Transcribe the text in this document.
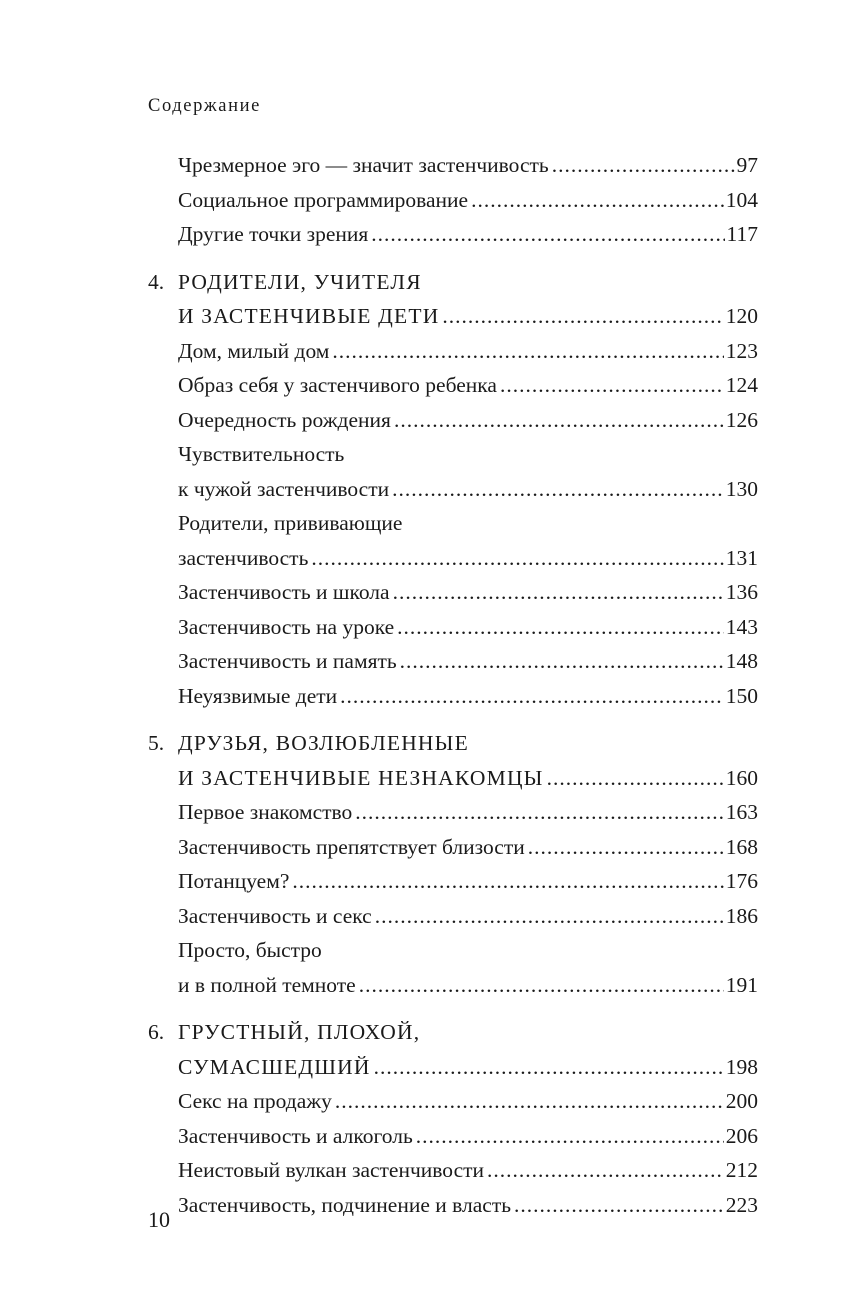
Содержание
Чрезмерное эго — значит застенчивость .....	97
Социальное программирование .....	104
Другие точки зрения .....	117
4. РОДИТЕЛИ, УЧИТЕЛЯ
И ЗАСТЕНЧИВЫЕ ДЕТИ .....	120
Дом, милый дом .....	123
Образ себя у застенчивого ребенка .....	124
Очередность рождения .....	126
Чувствительность
к чужой застенчивости .....	130
Родители, прививающие
застенчивость .....	131
Застенчивость и школа .....	136
Застенчивость на уроке .....	143
Застенчивость и память .....	148
Неуязвимые дети .....	150
5. ДРУЗЬЯ, ВОЗЛЮБЛЕННЫЕ
И ЗАСТЕНЧИВЫЕ НЕЗНАКОМЦЫ .....	160
Первое знакомство .....	163
Застенчивость препятствует близости .....	168
Потанцуем? .....	176
Застенчивость и секс .....	186
Просто, быстро
и в полной темноте .....	191
6. ГРУСТНЫЙ, ПЛОХОЙ,
СУМАСШЕДШИЙ .....	198
Секс на продажу .....	200
Застенчивость и алкоголь .....	206
Неистовый вулкан застенчивости .....	212
Застенчивость, подчинение и власть .....	223
10
